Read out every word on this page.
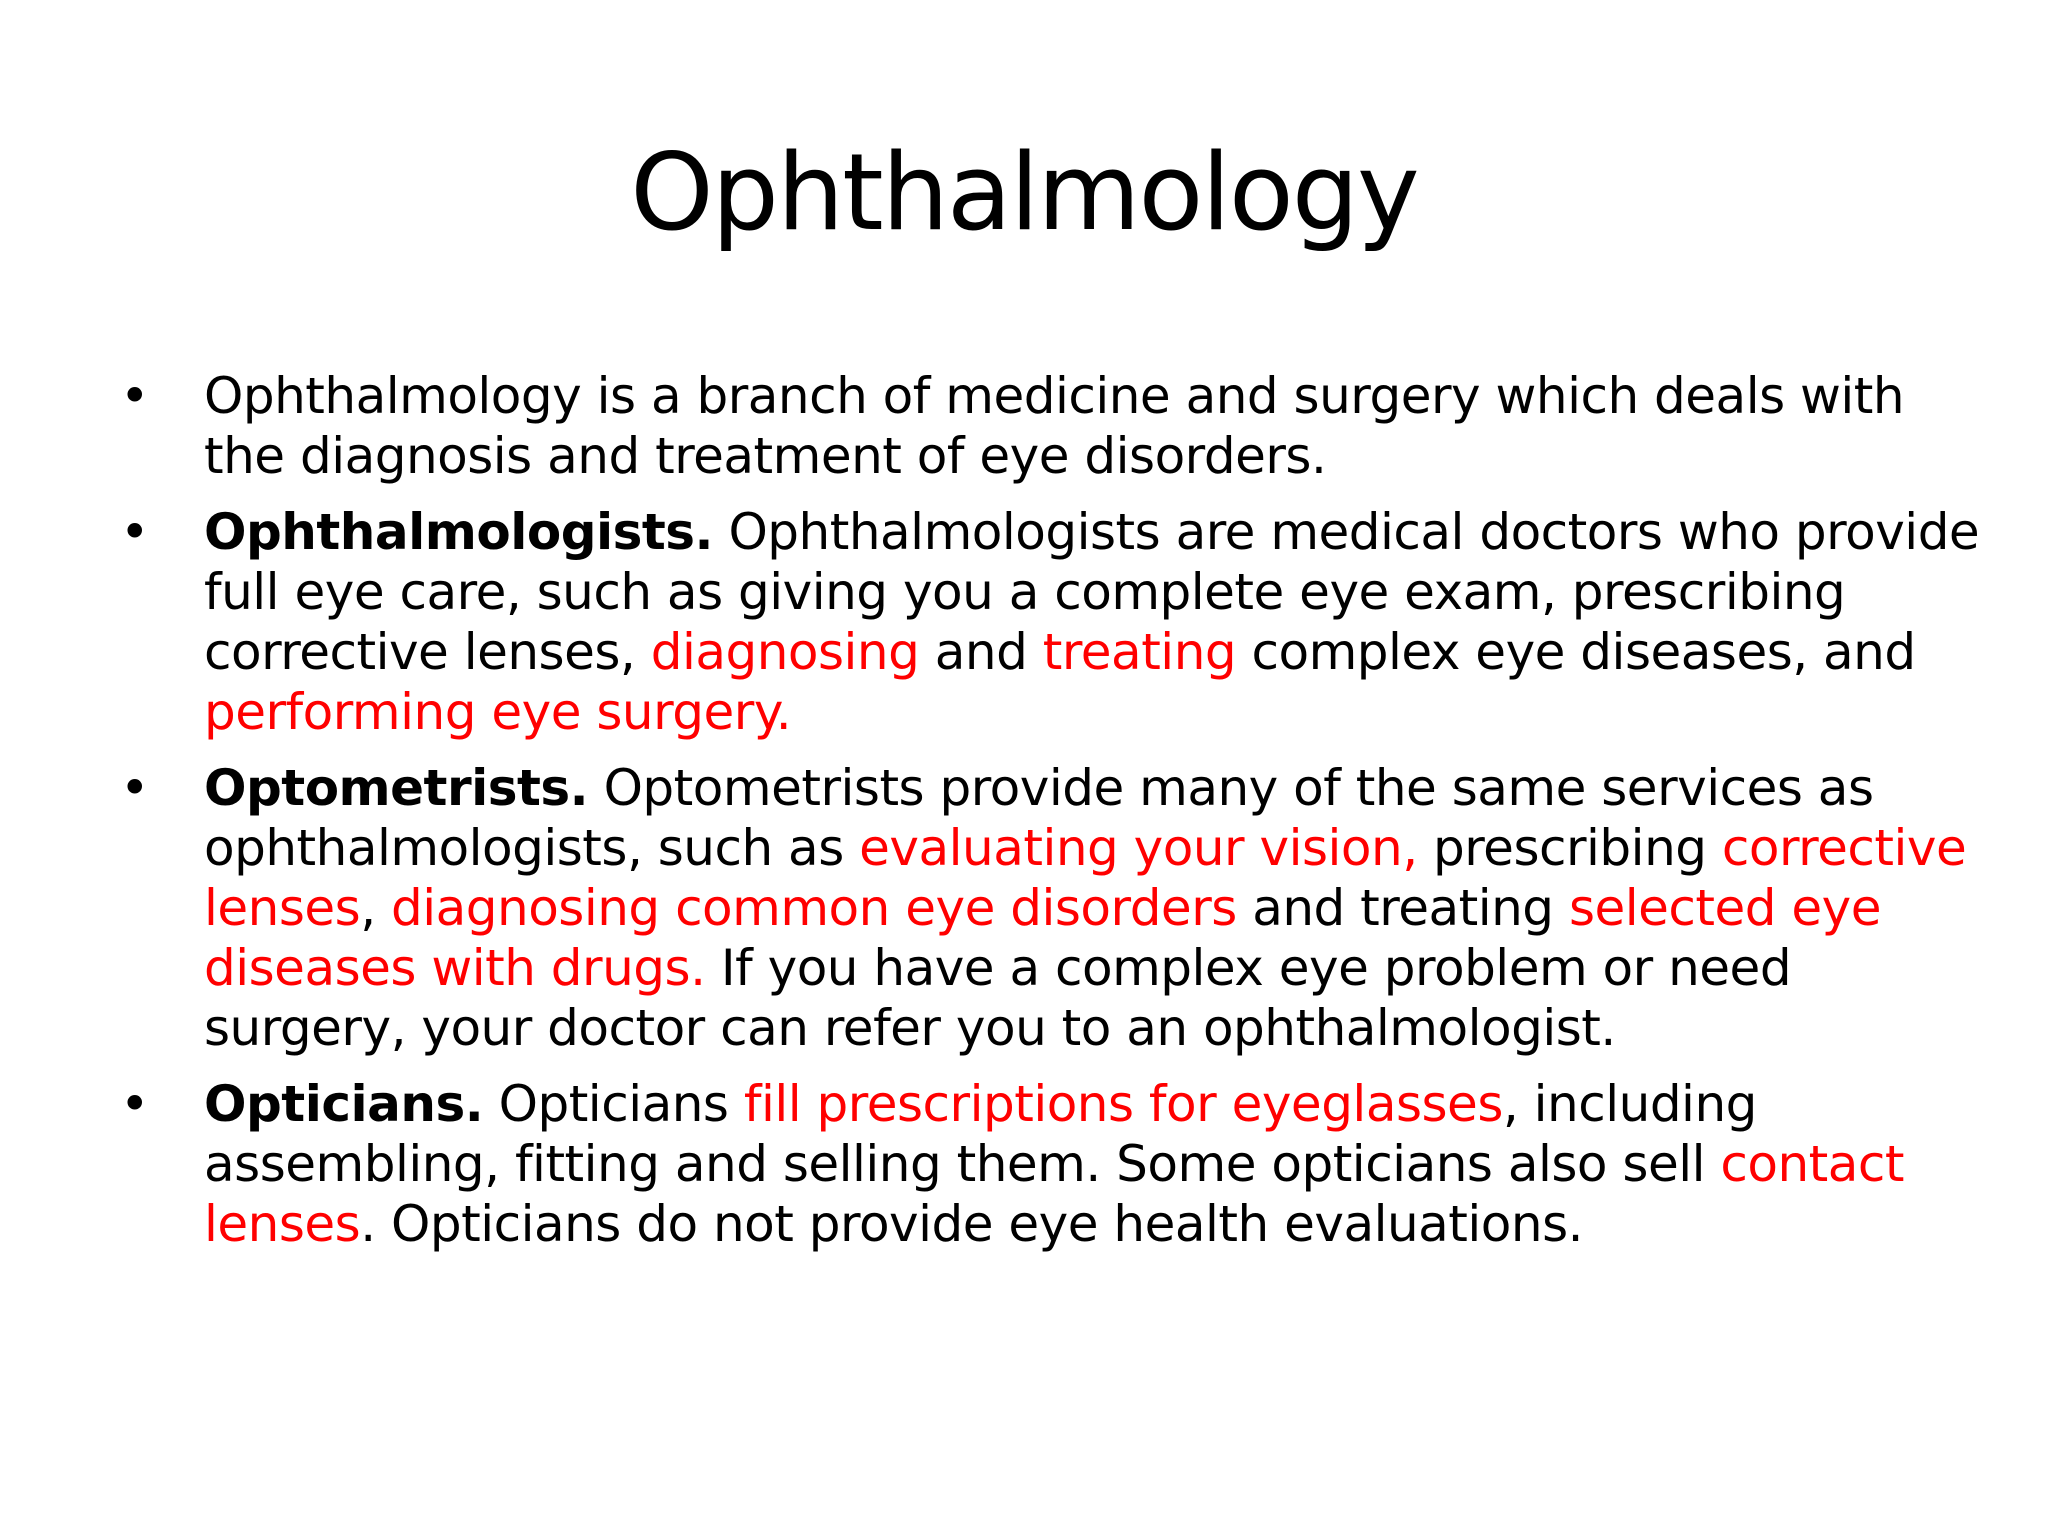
Ophthalmology
• Ophthalmology is a branch of medicine and surgery which deals with the diagnosis and treatment of eye disorders.
• Ophthalmologists. Ophthalmologists are medical doctors who provide full eye care, such as giving you a complete eye exam, prescribing corrective lenses, diagnosing and treating complex eye diseases, and performing eye surgery.
• Optometrists. Optometrists provide many of the same services as ophthalmologists, such as evaluating your vision, prescribing corrective lenses, diagnosing common eye disorders and treating selected eye diseases with drugs. If you have a complex eye problem or need surgery, your doctor can refer you to an ophthalmologist.
• Opticians. Opticians fill prescriptions for eyeglasses, including assembling, fitting and selling them. Some opticians also sell contact lenses. Opticians do not provide eye health evaluations.
